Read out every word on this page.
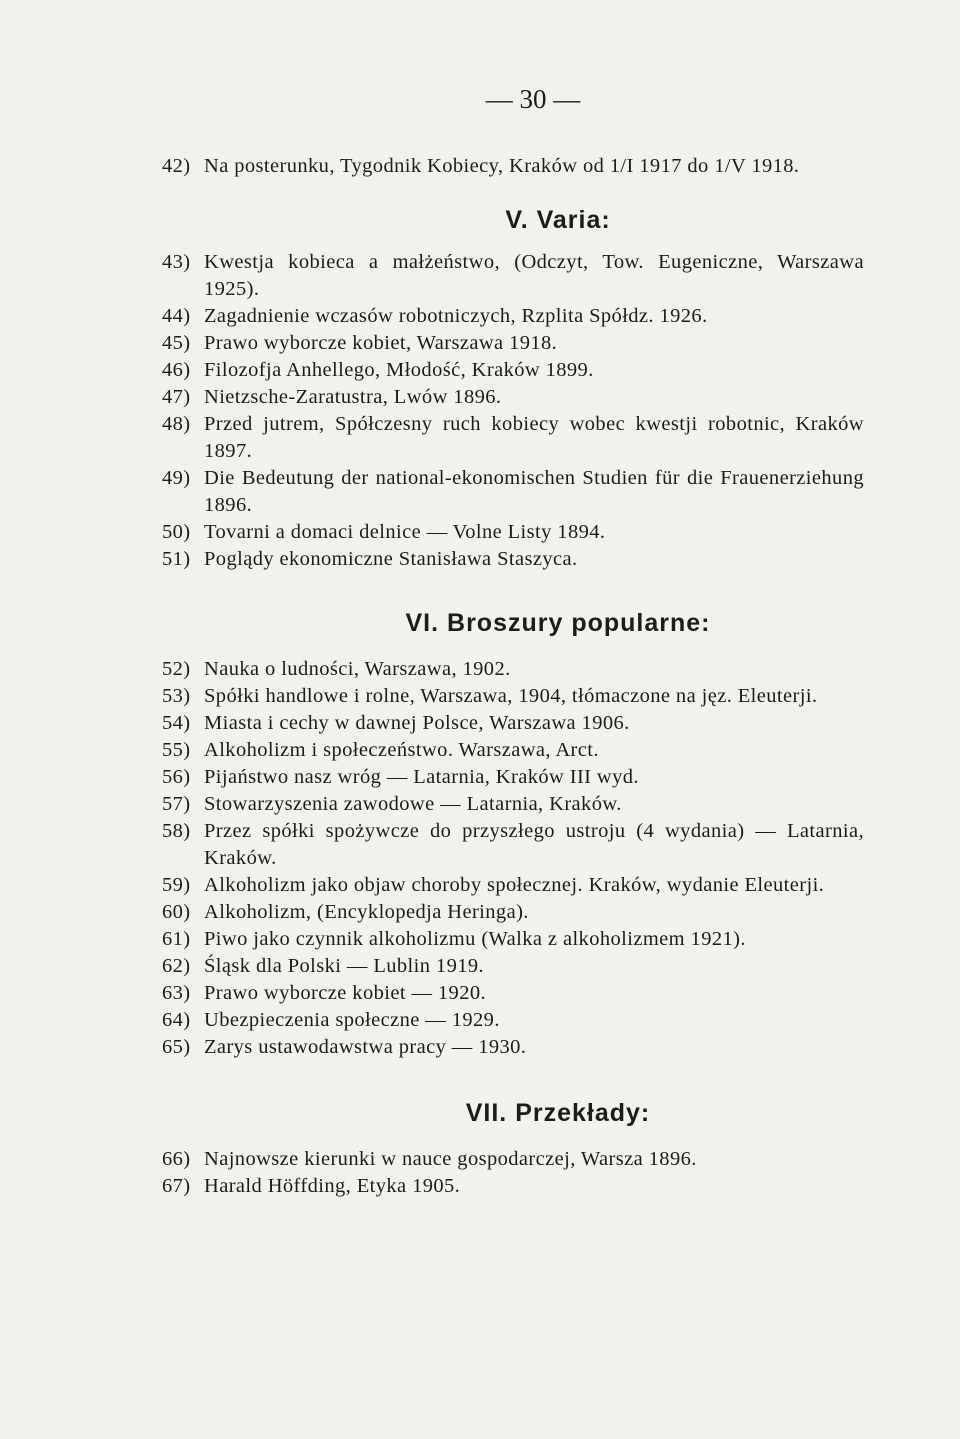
— 30 —
42) Na posterunku, Tygodnik Kobiecy, Kraków od 1/I 1917 do 1/V 1918.
V. Varia:
43) Kwestja kobieca a małżeństwo, (Odczyt, Tow. Eugeniczne, Warszawa 1925).
44) Zagadnienie wczasów robotniczych, Rzplita Spółdz. 1926.
45) Prawo wyborcze kobiet, Warszawa 1918.
46) Filozofja Anhellego, Młodość, Kraków 1899.
47) Nietzsche-Zaratustra, Lwów 1896.
48) Przed jutrem, Spółczesny ruch kobiecy wobec kwestji robotnic, Kraków 1897.
49) Die Bedeutung der national-ekonomischen Studien für die Frauenerziehung 1896.
50) Tovarni a domaci delnice — Volne Listy 1894.
51) Poglądy ekonomiczne Stanisława Staszyca.
VI. Broszury popularne:
52) Nauka o ludności, Warszawa, 1902.
53) Spółki handlowe i rolne, Warszawa, 1904, tłómaczone na jęz. Eleuterji.
54) Miasta i cechy w dawnej Polsce, Warszawa 1906.
55) Alkoholizm i społeczeństwo. Warszawa, Arct.
56) Pijaństwo nasz wróg — Latarnia, Kraków III wyd.
57) Stowarzyszenia zawodowe — Latarnia, Kraków.
58) Przez spółki spożywcze do przyszłego ustroju (4 wydania) — Latarnia, Kraków.
59) Alkoholizm jako objaw choroby społecznej. Kraków, wydanie Eleuterji.
60) Alkoholizm, (Encyklopedja Heringa).
61) Piwo jako czynnik alkoholizmu (Walka z alkoholizmem 1921).
62) Śląsk dla Polski — Lublin 1919.
63) Prawo wyborcze kobiet — 1920.
64) Ubezpieczenia społeczne — 1929.
65) Zarys ustawodawstwa pracy — 1930.
VII. Przekłady:
66) Najnowsze kierunki w nauce gospodarczej, Warsza 1896.
67) Harald Höffding, Etyka 1905.
